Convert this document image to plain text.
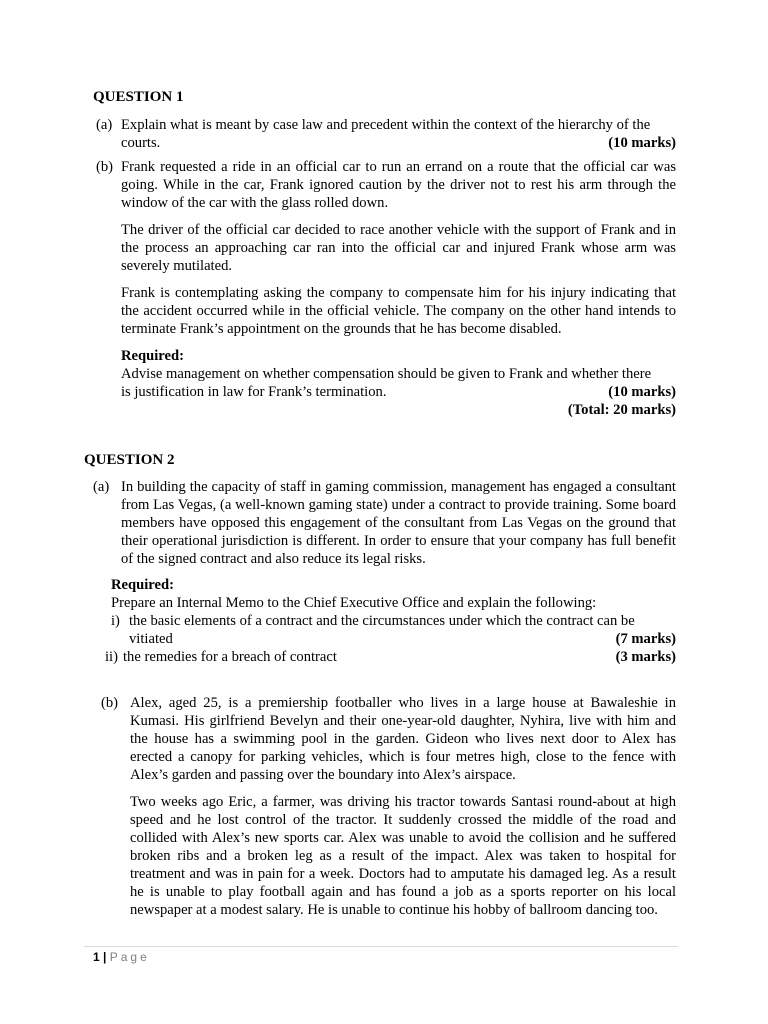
QUESTION 1
(a) Explain what is meant by case law and precedent within the context of the hierarchy of the
courts.	(10 marks)
(b) Frank requested a ride in an official car to run an errand on a route that the official car was going. While in the car, Frank ignored caution by the driver not to rest his arm through the window of the car with the glass rolled down.

The driver of the official car decided to race another vehicle with the support of Frank and in the process an approaching car ran into the official car and injured Frank whose arm was severely mutilated.

Frank is contemplating asking the company to compensate him for his injury indicating that the accident occurred while in the official vehicle. The company on the other hand intends to terminate Frank’s appointment on the grounds that he has become disabled.

Required:

Advise management on whether compensation should be given to Frank and whether there
is justification in law for Frank’s termination.	(10 marks)
(Total: 20 marks)
QUESTION 2
(a) In building the capacity of staff in gaming commission, management has engaged a consultant from Las Vegas, (a well-known gaming state) under a contract to provide training. Some board members have opposed this engagement of the consultant from Las Vegas on the ground that their operational jurisdiction is different. In order to ensure that your company has full benefit of the signed contract and also reduce its legal risks.

Required:

Prepare an Internal Memo to the Chief Executive Office and explain the following:
i) the basic elements of a contract and the circumstances under which the contract can be
vitiated	(7 marks)
ii) the remedies for a breach of contract	(3 marks)
(b) Alex, aged 25, is a premiership footballer who lives in a large house at Bawaleshie in Kumasi. His girlfriend Bevelyn and their one-year-old daughter, Nyhira, live with him and the house has a swimming pool in the garden. Gideon who lives next door to Alex has erected a canopy for parking vehicles, which is four metres high, close to the fence with Alex’s garden and passing over the boundary into Alex’s airspace.

Two weeks ago Eric, a farmer, was driving his tractor towards Santasi round-about at high speed and he lost control of the tractor. It suddenly crossed the middle of the road and collided with Alex’s new sports car. Alex was unable to avoid the collision and he suffered broken ribs and a broken leg as a result of the impact. Alex was taken to hospital for treatment and was in pain for a week. Doctors had to amputate his damaged leg. As a result he is unable to play football again and has found a job as a sports reporter on his local newspaper at a modest salary. He is unable to continue his hobby of ballroom dancing too.

1 | Page
